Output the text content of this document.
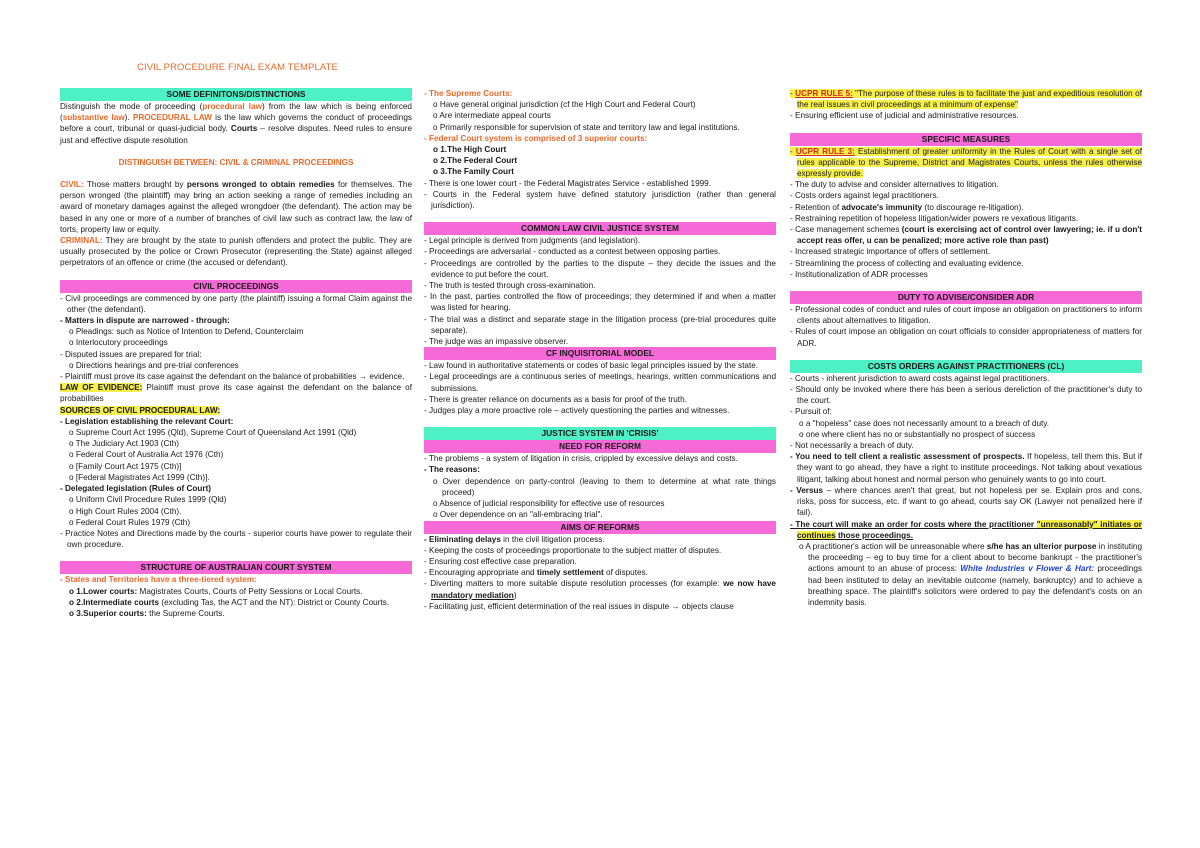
CIVIL PROCEDURE FINAL EXAM TEMPLATE
SOME DEFINITONS/DISTINCTIONS

Distinguish the mode of proceeding (procedural law) from the law which is being enforced (substantive law). PROCEDURAL LAW is the law which governs the conduct of proceedings before a court, tribunal or quasi-judicial body. Courts – resolve disputes. Need rules to ensure just and effective dispute resolution

DISTINGUISH BETWEEN: CIVIL & CRIMINAL PROCEEDINGS

CIVIL: Those matters brought by persons wronged to obtain remedies for themselves. The person wronged (the plaintiff) may bring an action seeking a range of remedies including an award of monetary damages against the alleged wrongdoer (the defendant). The action may be based in any one or more of a number of branches of civil law such as contract law, the law of torts, property law or equity.

CRIMINAL: They are brought by the state to punish offenders and protect the public. They are usually prosecuted by the police or Crown Prosecutor (representing the State) against alleged perpetrators of an offence or crime (the accused or defendant).

CIVIL PROCEEDINGS

- Civil proceedings are commenced by one party (the plaintiff) issuing a formal Claim against the other (the defendant).

- Matters in dispute are narrowed - through:

o Pleadings: such as Notice of Intention to Defend, Counterclaim

o Interlocutory proceedings

- Disputed issues are prepared for trial:

o Directions hearings and pre-trial conferences

- Plaintiff must prove its case against the defendant on the balance of probabilities → evidence.

LAW OF EVIDENCE: Plaintiff must prove its case against the defendant on the balance of probabilities

SOURCES OF CIVIL PROCEDURAL LAW:

- Legislation establishing the relevant Court:

o Supreme Court Act 1995 (Qld), Supreme Court of Queensland Act 1991 (Qld)

o The Judiciary Act 1903 (Cth)

o Federal Court of Australia Act 1976 (Cth)

o [Family Court Act 1975 (Cth)]

o [Federal Magistrates Act 1999 (Cth)].

- Delegated legislation (Rules of Court)

o Uniform Civil Procedure Rules 1999 (Qld)

o High Court Rules 2004 (Cth).

o Federal Court Rules 1979 (Cth)

- Practice Notes and Directions made by the courts - superior courts have power to regulate their own procedure.

STRUCTURE OF AUSTRALIAN COURT SYSTEM

- States and Territories have a three-tiered system:

o 1.Lower courts: Magistrates Courts, Courts of Petty Sessions or Local Courts.

o 2.Intermediate courts (excluding Tas, the ACT and the NT): District or County Courts.

o 3.Superior courts: the Supreme Courts.

- The Supreme Courts:

o Have general original jurisdiction (cf the High Court and Federal Court)

o Are intermediate appeal courts

o Primarily responsible for supervision of state and territory law and legal institutions.

- Federal Court system is comprised of 3 superior courts:

o 1.The High Court

o 2.The Federal Court

o 3.The Family Court

- There is one lower court - the Federal Magistrates Service - established 1999.

- Courts in the Federal system have defined statutory jurisdiction (rather than general jurisdiction).

COMMON LAW CIVIL JUSTICE SYSTEM

- Legal principle is derived from judgments (and legislation).

- Proceedings are adversarial - conducted as a contest between opposing parties.

- Proceedings are controlled by the parties to the dispute – they decide the issues and the evidence to put before the court.

- The truth is tested through cross-examination.

- In the past, parties controlled the flow of proceedings; they determined if and when a matter was listed for hearing.

- The trial was a distinct and separate stage in the litigation process (pre-trial procedures quite separate).

- The judge was an impassive observer.

CF INQUISITORIAL MODEL

- Law found in authoritative statements or codes of basic legal principles issued by the state.

- Legal proceedings are a continuous series of meetings, hearings, written communications and submissions.

- There is greater reliance on documents as a basis for proof of the truth.

- Judges play a more proactive role – actively questioning the parties and witnesses.

JUSTICE SYSTEM IN 'CRISIS'
NEED FOR REFORM

- The problems - a system of litigation in crisis, crippled by excessive delays and costs.

- The reasons:

o Over dependence on party-control (leaving to them to determine at what rate things proceed)

o Absence of judicial responsibility for effective use of resources

o Over dependence on an "all-embracing trial".

AIMS OF REFORMS

- Eliminating delays in the civil litigation process.

- Keeping the costs of proceedings proportionate to the subject matter of disputes.

- Ensuring cost effective case preparation.

- Encouraging appropriate and timely settlement of disputes.

- Diverting matters to more suitable dispute resolution processes (for example: we now have mandatory mediation)

- Facilitating just, efficient determination of the real issues in dispute → objects clause

- UCPR RULE 5: "The purpose of these rules is to facilitate the just and expeditious resolution of the real issues in civil proceedings at a minimum of expense"

- Ensuring efficient use of judicial and administrative resources.

SPECIFIC MEASURES

- UCPR RULE 3: Establishment of greater uniformity in the Rules of Court with a single set of rules applicable to the Supreme, District and Magistrates Courts, unless the rules otherwise expressly provide.

- The duty to advise and consider alternatives to litigation.

- Costs orders against legal practitioners.

- Retention of advocate's immunity (to discourage re-litigation).

- Restraining repetition of hopeless litigation/wider powers re vexatious litigants.

- Case management schemes (court is exercising act of control over lawyering; ie. if u don't accept reas offer, u can be penalized; more active role than past)

- Increased strategic importance of offers of settlement.

- Streamlining the process of collecting and evaluating evidence.

- Institutionalization of ADR processes

DUTY TO ADVISE/CONSIDER ADR

- Professional codes of conduct and rules of court impose an obligation on practitioners to inform clients about alternatives to litigation.

- Rules of court impose an obligation on court officials to consider appropriateness of matters for ADR.

COSTS ORDERS AGAINST PRACTITIONERS (CL)

- Courts - inherent jurisdiction to award costs against legal practitioners.

- Should only be invoked where there has been a serious dereliction of the practitioner's duty to the court.

- Pursuit of:

o a "hopeless" case does not necessarily amount to a breach of duty.

o one where client has no or substantially no prospect of success

- Not necessarily a breach of duty.

- You need to tell client a realistic assessment of prospects. If hopeless, tell them this. But if they want to go ahead, they have a right to institute proceedings. Not talking about vexatious litigant, talking about honest and normal person who genuinely wants to go into court.

- Versus – where chances aren't that great, but not hopeless per se. Explain pros and cons, risks, poss for success, etc. if want to go ahead, courts say OK (Lawyer not penalized here if fail).

- The court will make an order for costs where the practitioner "unreasonably" initiates or continues those proceedings.

o A practitioner's action will be unreasonable where s/he has an ulterior purpose in instituting the proceeding – eg to buy time for a client about to become bankrupt - the practitioner's actions amount to an abuse of process: White Industries v Flower & Hart: proceedings had been instituted to delay an inevitable outcome (namely, bankruptcy) and to achieve a breathing space. The plaintiff's solicitors were ordered to pay the defendant's costs on an indemnity basis.
